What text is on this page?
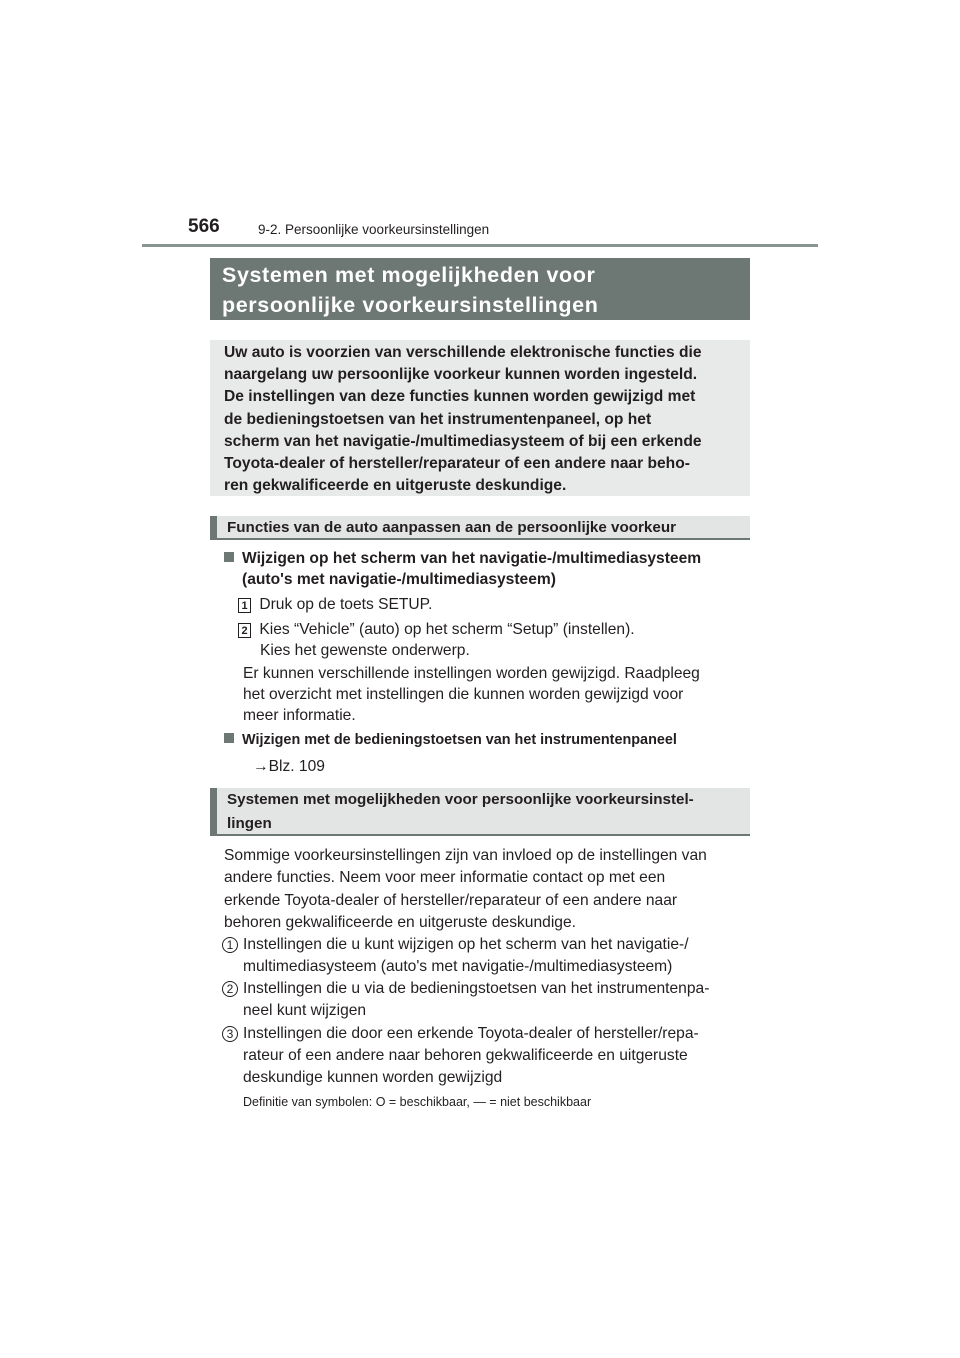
566	9-2. Persoonlijke voorkeursinstellingen
Systemen met mogelijkheden voor
persoonlijke voorkeursinstellingen
Uw auto is voorzien van verschillende elektronische functies die
naargelang uw persoonlijke voorkeur kunnen worden ingesteld.
De instellingen van deze functies kunnen worden gewijzigd met
de bedieningstoetsen van het instrumentenpaneel, op het
scherm van het navigatie-/multimediasysteem of bij een erkende
Toyota-dealer of hersteller/reparateur of een andere naar beho-
ren gekwalificeerde en uitgeruste deskundige.
Functies van de auto aanpassen aan de persoonlijke voorkeur
Wijzigen op het scherm van het navigatie-/multimediasysteem
(auto's met navigatie-/multimediasysteem)
1 Druk op de toets SETUP.
2 Kies “Vehicle” (auto) op het scherm “Setup” (instellen).
Kies het gewenste onderwerp.
Er kunnen verschillende instellingen worden gewijzigd. Raadpleeg
het overzicht met instellingen die kunnen worden gewijzigd voor
meer informatie.
Wijzigen met de bedieningstoetsen van het instrumentenpaneel
→Blz. 109
Systemen met mogelijkheden voor persoonlijke voorkeursinstel-
lingen
Sommige voorkeursinstellingen zijn van invloed op de instellingen van
andere functies. Neem voor meer informatie contact op met een
erkende Toyota-dealer of hersteller/reparateur of een andere naar
behoren gekwalificeerde en uitgeruste deskundige.
1 Instellingen die u kunt wijzigen op het scherm van het navigatie-/
multimediasysteem (auto's met navigatie-/multimediasysteem)
2 Instellingen die u via de bedieningstoetsen van het instrumentenpa-
neel kunt wijzigen
3 Instellingen die door een erkende Toyota-dealer of hersteller/repa-
rateur of een andere naar behoren gekwalificeerde en uitgeruste
deskundige kunnen worden gewijzigd
Definitie van symbolen: O = beschikbaar, — = niet beschikbaar
